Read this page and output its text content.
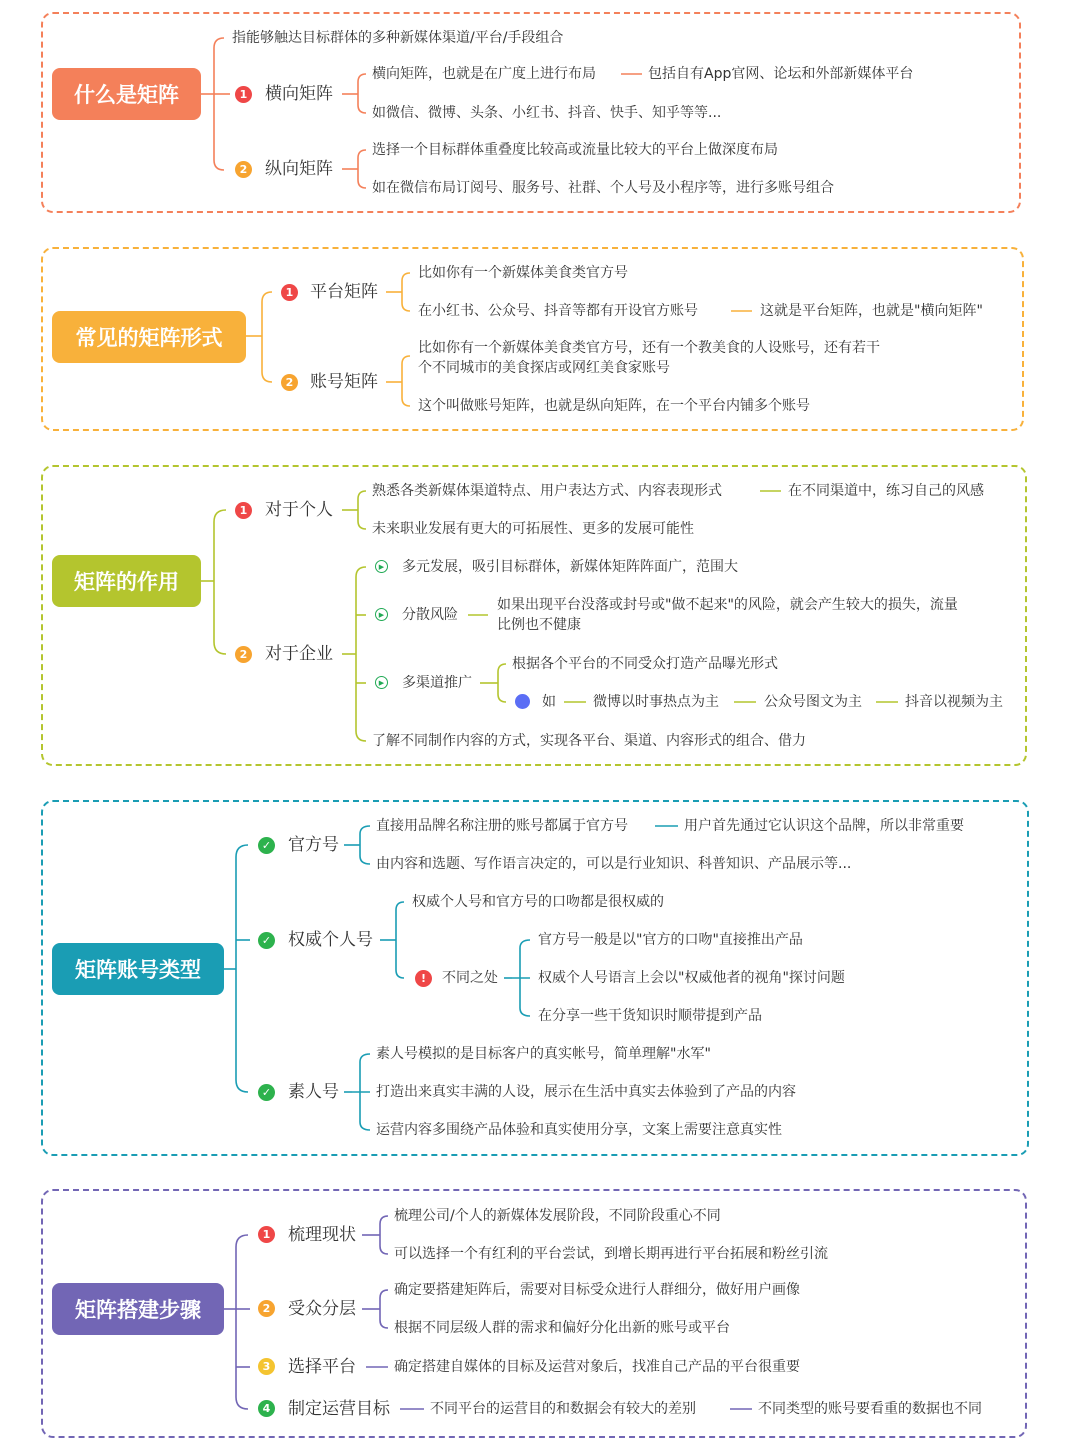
什么是矩阵
指能够触达目标群体的多种新媒体渠道/平台/手段组合
1 横向矩阵
横向矩阵，也就是在广度上进行布局	包括自有App官网、论坛和外部新媒体平台
如微信、微博、头条、小红书、抖音、快手、知乎等等...
2 纵向矩阵
选择一个目标群体重叠度比较高或流量比较大的平台上做深度布局
如在微信布局订阅号、服务号、社群、个人号及小程序等，进行多账号组合
常见的矩阵形式
1 平台矩阵
比如你有一个新媒体美食类官方号
在小红书、公众号、抖音等都有开设官方账号	这就是平台矩阵，也就是"横向矩阵"
2 账号矩阵
比如你有一个新媒体美食类官方号，还有一个教美食的人设账号，还有若干
个不同城市的美食探店或网红美食家账号
这个叫做账号矩阵，也就是纵向矩阵，在一个平台内铺多个账号
矩阵的作用
1 对于个人
熟悉各类新媒体渠道特点、用户表达方式、内容表现形式	在不同渠道中，练习自己的风感
未来职业发展有更大的可拓展性、更多的发展可能性
2 对于企业
▶ 多元发展，吸引目标群体，新媒体矩阵阵面广，范围大
▶ 分散风险
如果出现平台没落或封号或"做不起来"的风险，就会产生较大的损失，流量
比例也不健康
▶ 多渠道推广
根据各个平台的不同受众打造产品曝光形式
如	微博以时事热点为主	公众号图文为主	抖音以视频为主
了解不同制作内容的方式，实现各平台、渠道、内容形式的组合、借力
矩阵账号类型
✓ 官方号
直接用品牌名称注册的账号都属于官方号	用户首先通过它认识这个品牌，所以非常重要
由内容和选题、写作语言决定的，可以是行业知识、科普知识、产品展示等...
✓ 权威个人号
权威个人号和官方号的口吻都是很权威的
!	不同之处
官方号一般是以"官方的口吻"直接推出产品
权威个人号语言上会以"权威他者的视角"探讨问题
在分享一些干货知识时顺带提到产品
✓ 素人号
素人号模拟的是目标客户的真实帐号，简单理解"水军"
打造出来真实丰满的人设，展示在生活中真实去体验到了产品的内容
运营内容多围绕产品体验和真实使用分享，文案上需要注意真实性
矩阵搭建步骤
1 梳理现状
梳理公司/个人的新媒体发展阶段，不同阶段重心不同
可以选择一个有红利的平台尝试，到增长期再进行平台拓展和粉丝引流
2 受众分层
确定要搭建矩阵后，需要对目标受众进行人群细分，做好用户画像
根据不同层级人群的需求和偏好分化出新的账号或平台
3 选择平台	确定搭建自媒体的目标及运营对象后，找准自己产品的平台很重要
4 制定运营目标	不同平台的运营目的和数据会有较大的差别	不同类型的账号要看重的数据也不同
